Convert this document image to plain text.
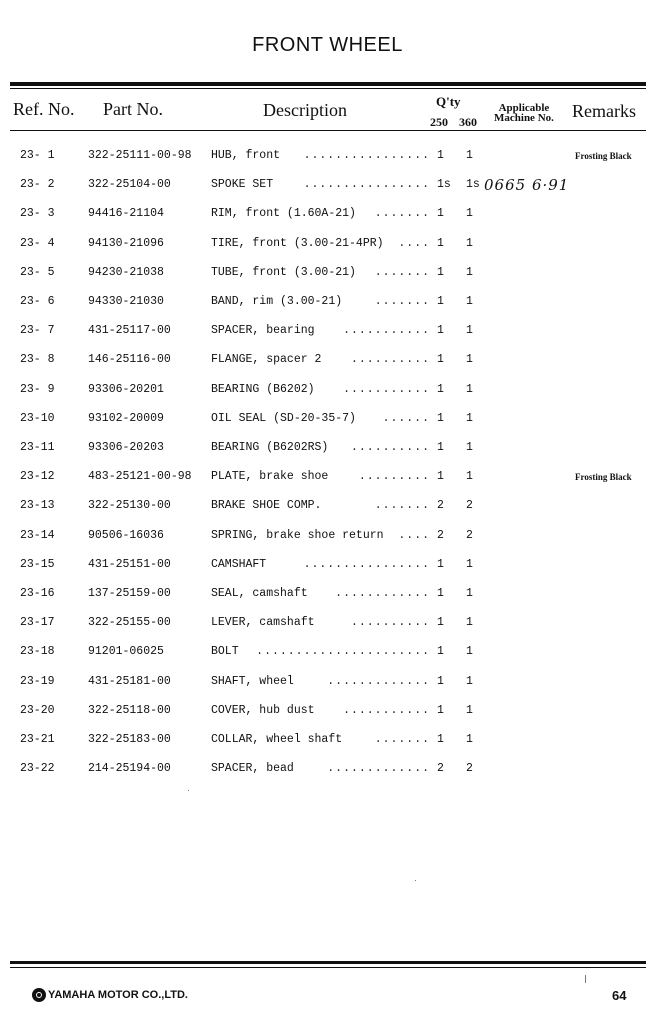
FRONT WHEEL
Ref. No. Part No.	Description	Q'ty
250 360
Applicable
Machine No. Remarks
23- 1	322-25111-00-98 HUB, front	1 1	Frosting Black
................
23- 2	322-25104-00	SPOKE SET	1s 1s
................
23- 3	94416-21104	RIM, front (1.60A-21)	1 1
.......
23- 4	94130-21096	TIRE, front (3.00-21-4PR)	1 1
....
23- 5	94230-21038	TUBE, front (3.00-21)	1 1
.......
23- 6	94330-21030	BAND, rim (3.00-21)	1 1
.......
23- 7	431-25117-00	SPACER, bearing	1 1
...........
23- 8	146-25116-00	FLANGE, spacer 2	1 1
..........
23- 9	93306-20201	BEARING (B6202)	1 1
...........
23-10	93102-20009	OIL SEAL (SD-20-35-7)	1 1
......
23-11	93306-20203	BEARING (B6202RS)	1 1
..........
23-12	483-25121-00-98 PLATE, brake shoe	1 1	Frosting Black
.........
23-13	322-25130-00	BRAKE SHOE COMP.	2 2
.......
23-14	90506-16036	SPRING, brake shoe return	2 2
....
23-15	431-25151-00	CAMSHAFT	1 1
................
23-16	137-25159-00	SEAL, camshaft	1 1
............
23-17	322-25155-00	LEVER, camshaft	1 1
..........
23-18	91201-06025	BOLT	1 1
......................
23-19	431-25181-00	SHAFT, wheel	1 1
.............
23-20	322-25118-00	COVER, hub dust	1 1
...........
23-21	322-25183-00	COLLAR, wheel shaft	1 1
.......
23-22	214-25194-00	SPACER, bead	2 2
.............
0665 6·91
YAMAHA MOTOR CO.,LTD.	64
